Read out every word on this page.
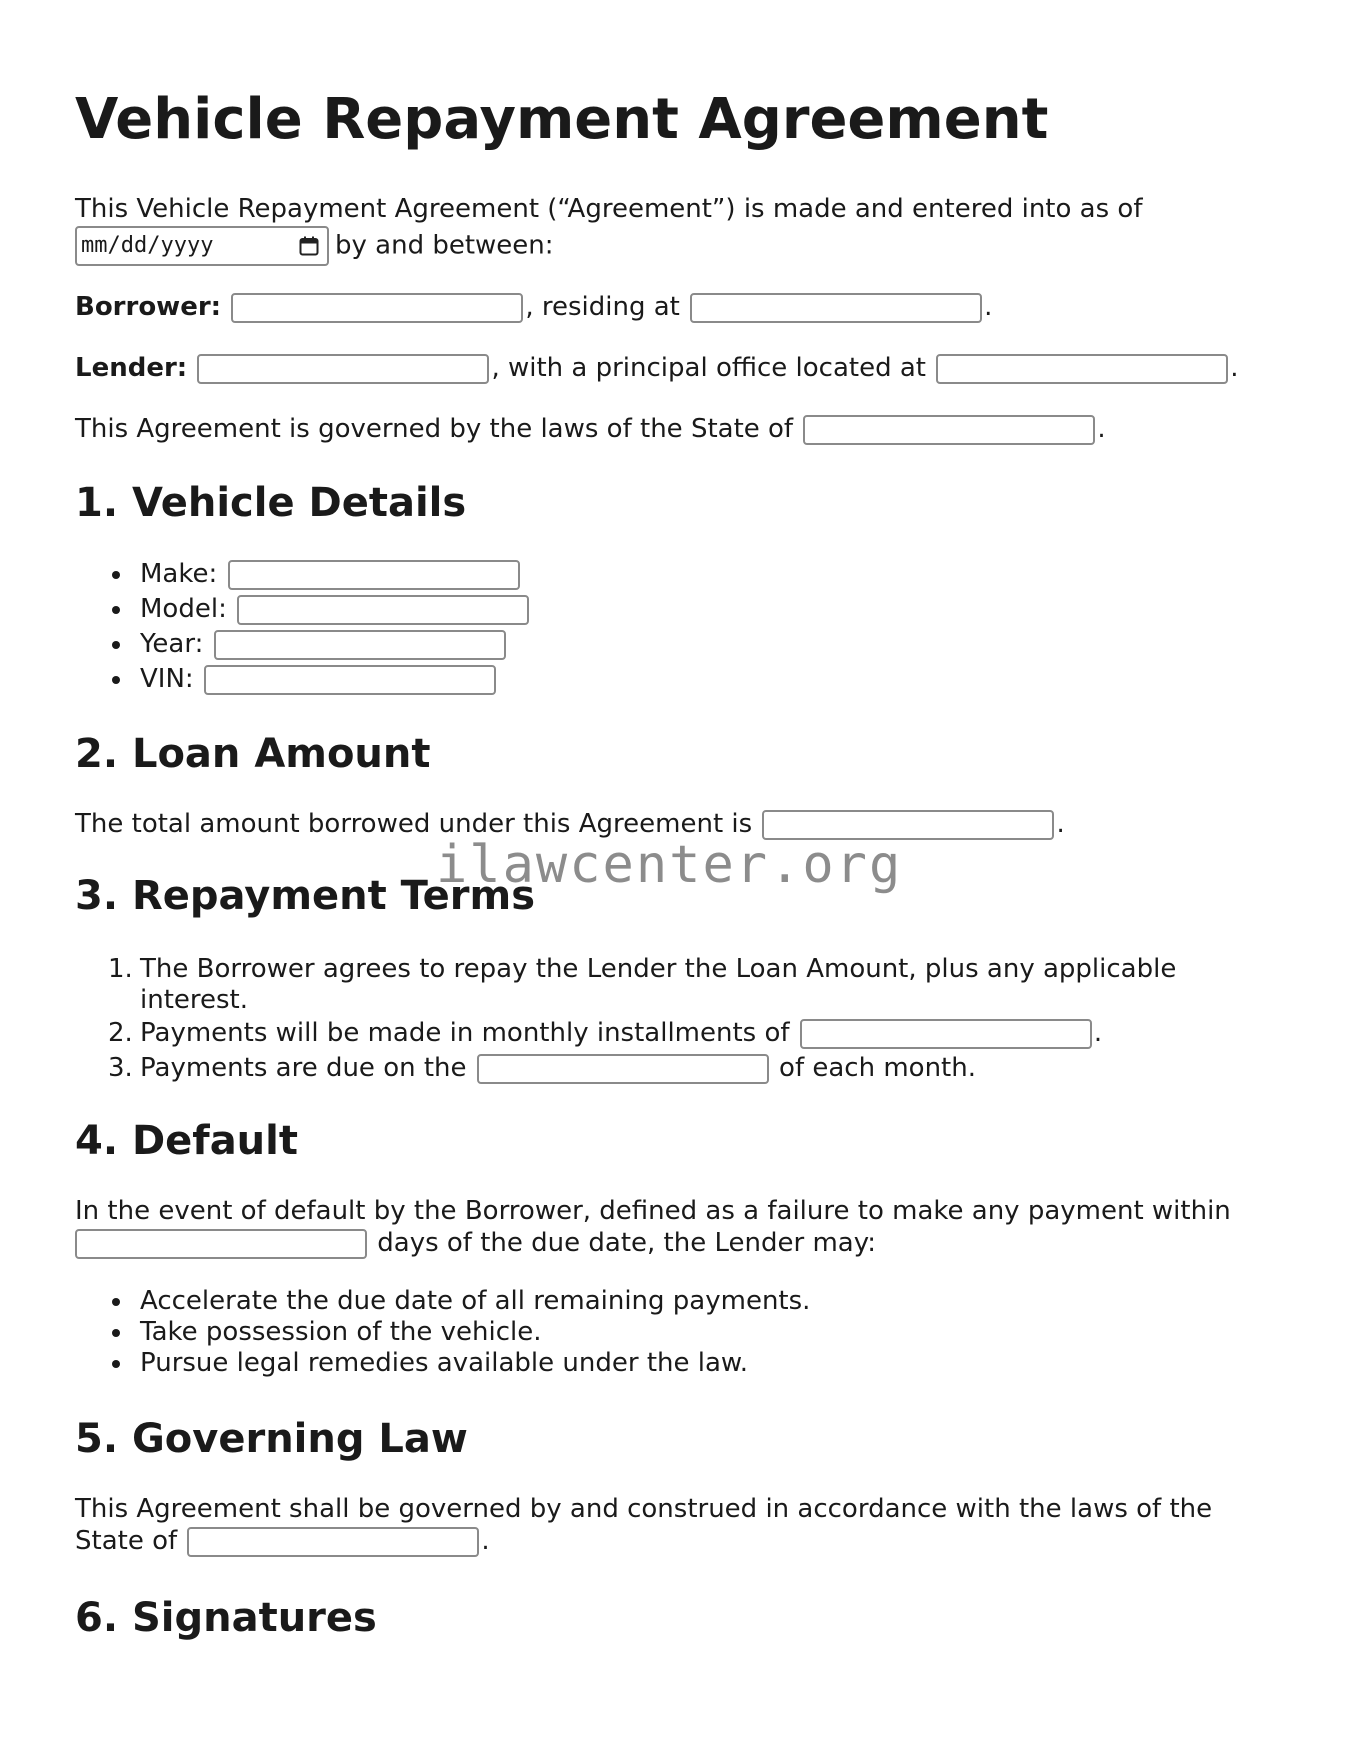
Vehicle Repayment Agreement

This Vehicle Repayment Agreement (“Agreement”) is made and entered into as of

mm/dd/yyyy	by and between:

Borrower:	, residing at	.

Lender:	, with a principal office located at	.

This Agreement is governed by the laws of the State of	.

1. Vehicle Details
Make:
Model:
Year:
VIN:
2. Loan Amount

The total amount borrowed under this Agreement is	.

3. Repayment Terms
1. The Borrower agrees to repay the Lender the Loan Amount, plus any applicable
interest.
2. Payments will be made in monthly installments of	.
3. Payments are due on the	of each month.
4. Default

In the event of default by the Borrower, defined as a failure to make any payment within

days of the due date, the Lender may:

Accelerate the due date of all remaining payments.
Take possession of the vehicle.
Pursue legal remedies available under the law.
5. Governing Law

This Agreement shall be governed by and construed in accordance with the laws of the

State of	.

6. Signatures
ilawcenter.org
